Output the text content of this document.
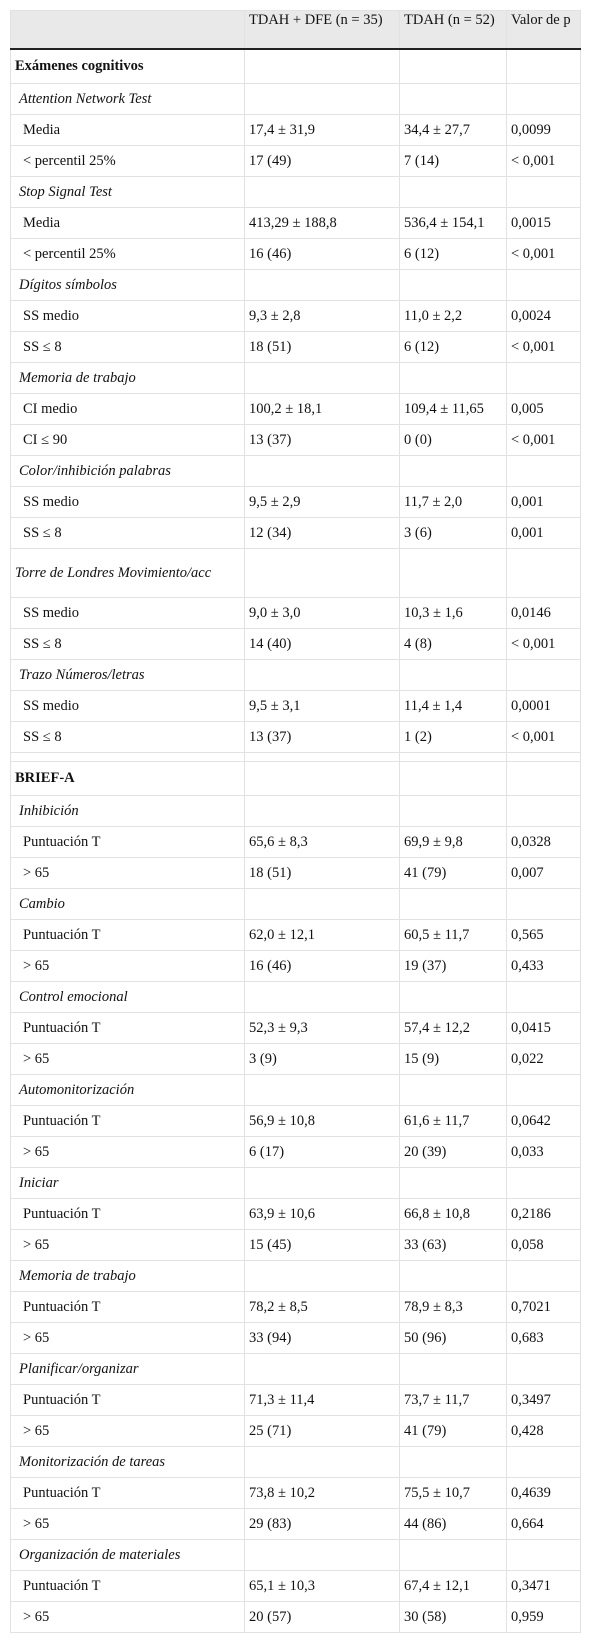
	TDAH + DFE (n = 35)	TDAH (n = 52)	Valor de p
Exámenes cognitivos			
Attention Network Test			
Media	17,4 ± 31,9	34,4 ± 27,7	0,0099
< percentil 25%	17 (49)	7 (14)	< 0,001
Stop Signal Test			
Media	413,29 ± 188,8	536,4 ± 154,1	0,0015
< percentil 25%	16 (46)	6 (12)	< 0,001
Dígitos símbolos			
SS medio	9,3 ± 2,8	11,0 ± 2,2	0,0024
SS ≤ 8	18 (51)	6 (12)	< 0,001
Memoria de trabajo			
CI medio	100,2 ± 18,1	109,4 ± 11,65	0,005
CI ≤ 90	13 (37)	0 (0)	< 0,001
Color/inhibición palabras			
SS medio	9,5 ± 2,9	11,7 ± 2,0	0,001
SS ≤ 8	12 (34)	3 (6)	0,001
Torre de Londres Movimiento/acc			
SS medio	9,0 ± 3,0	10,3 ± 1,6	0,0146
SS ≤ 8	14 (40)	4 (8)	< 0,001
Trazo Números/letras			
SS medio	9,5 ± 3,1	11,4 ± 1,4	0,0001
SS ≤ 8	13 (37)	1 (2)	< 0,001

BRIEF-A			
Inhibición			
Puntuación T	65,6 ± 8,3	69,9 ± 9,8	0,0328
> 65	18 (51)	41 (79)	0,007
Cambio			
Puntuación T	62,0 ± 12,1	60,5 ± 11,7	0,565
> 65	16 (46)	19 (37)	0,433
Control emocional			
Puntuación T	52,3 ± 9,3	57,4 ± 12,2	0,0415
> 65	3 (9)	15 (9)	0,022
Automonitorización			
Puntuación T	56,9 ± 10,8	61,6 ± 11,7	0,0642
> 65	6 (17)	20 (39)	0,033
Iniciar			
Puntuación T	63,9 ± 10,6	66,8 ± 10,8	0,2186
> 65	15 (45)	33 (63)	0,058
Memoria de trabajo			
Puntuación T	78,2 ± 8,5	78,9 ± 8,3	0,7021
> 65	33 (94)	50 (96)	0,683
Planificar/organizar			
Puntuación T	71,3 ± 11,4	73,7 ± 11,7	0,3497
> 65	25 (71)	41 (79)	0,428
Monitorización de tareas			
Puntuación T	73,8 ± 10,2	75,5 ± 10,7	0,4639
> 65	29 (83)	44 (86)	0,664
Organización de materiales			
Puntuación T	65,1 ± 10,3	67,4 ± 12,1	0,3471
> 65	20 (57)	30 (58)	0,959
